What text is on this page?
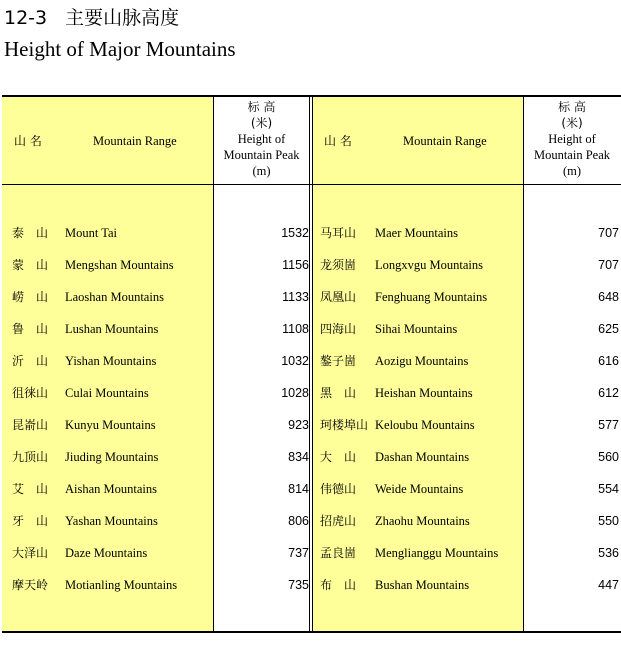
12-3 主要山脉高度
Height of Major Mountains
山 名	Mountain Range
标 高
(米)
Height of
Mountain Peak
(m)
山 名	Mountain Range
标 高
(米)
Height of
Mountain Peak
(m)
泰　山 Mount Tai	1532
蒙　山 Mengshan Mountains	1156
崂　山 Laoshan Mountains	1133
鲁　山 Lushan Mountains	1108
沂　山 Yishan Mountains	1032
徂徕山 Culai Mountains	1028
昆嵛山 Kunyu Mountains	923
九顶山 Jiuding Mountains	834
艾　山 Aishan Mountains	814
牙　山 Yashan Mountains	806
大泽山 Daze Mountains	737
摩天岭 Motianling Mountains	735
马耳山 Maer Mountains	707
龙须崮 Longxvgu Mountains	707
凤凰山 Fenghuang Mountains	648
四海山 Sihai Mountains	625
鏊子崮 Aozigu Mountains	616
黑　山 Heishan Mountains	612
珂楼埠山 Keloubu Mountains	577
大　山 Dashan Mountains	560
伟德山 Weide Mountains	554
招虎山 Zhaohu Mountains	550
孟良崮 Menglianggu Mountains	536
布　山 Bushan Mountains	447
